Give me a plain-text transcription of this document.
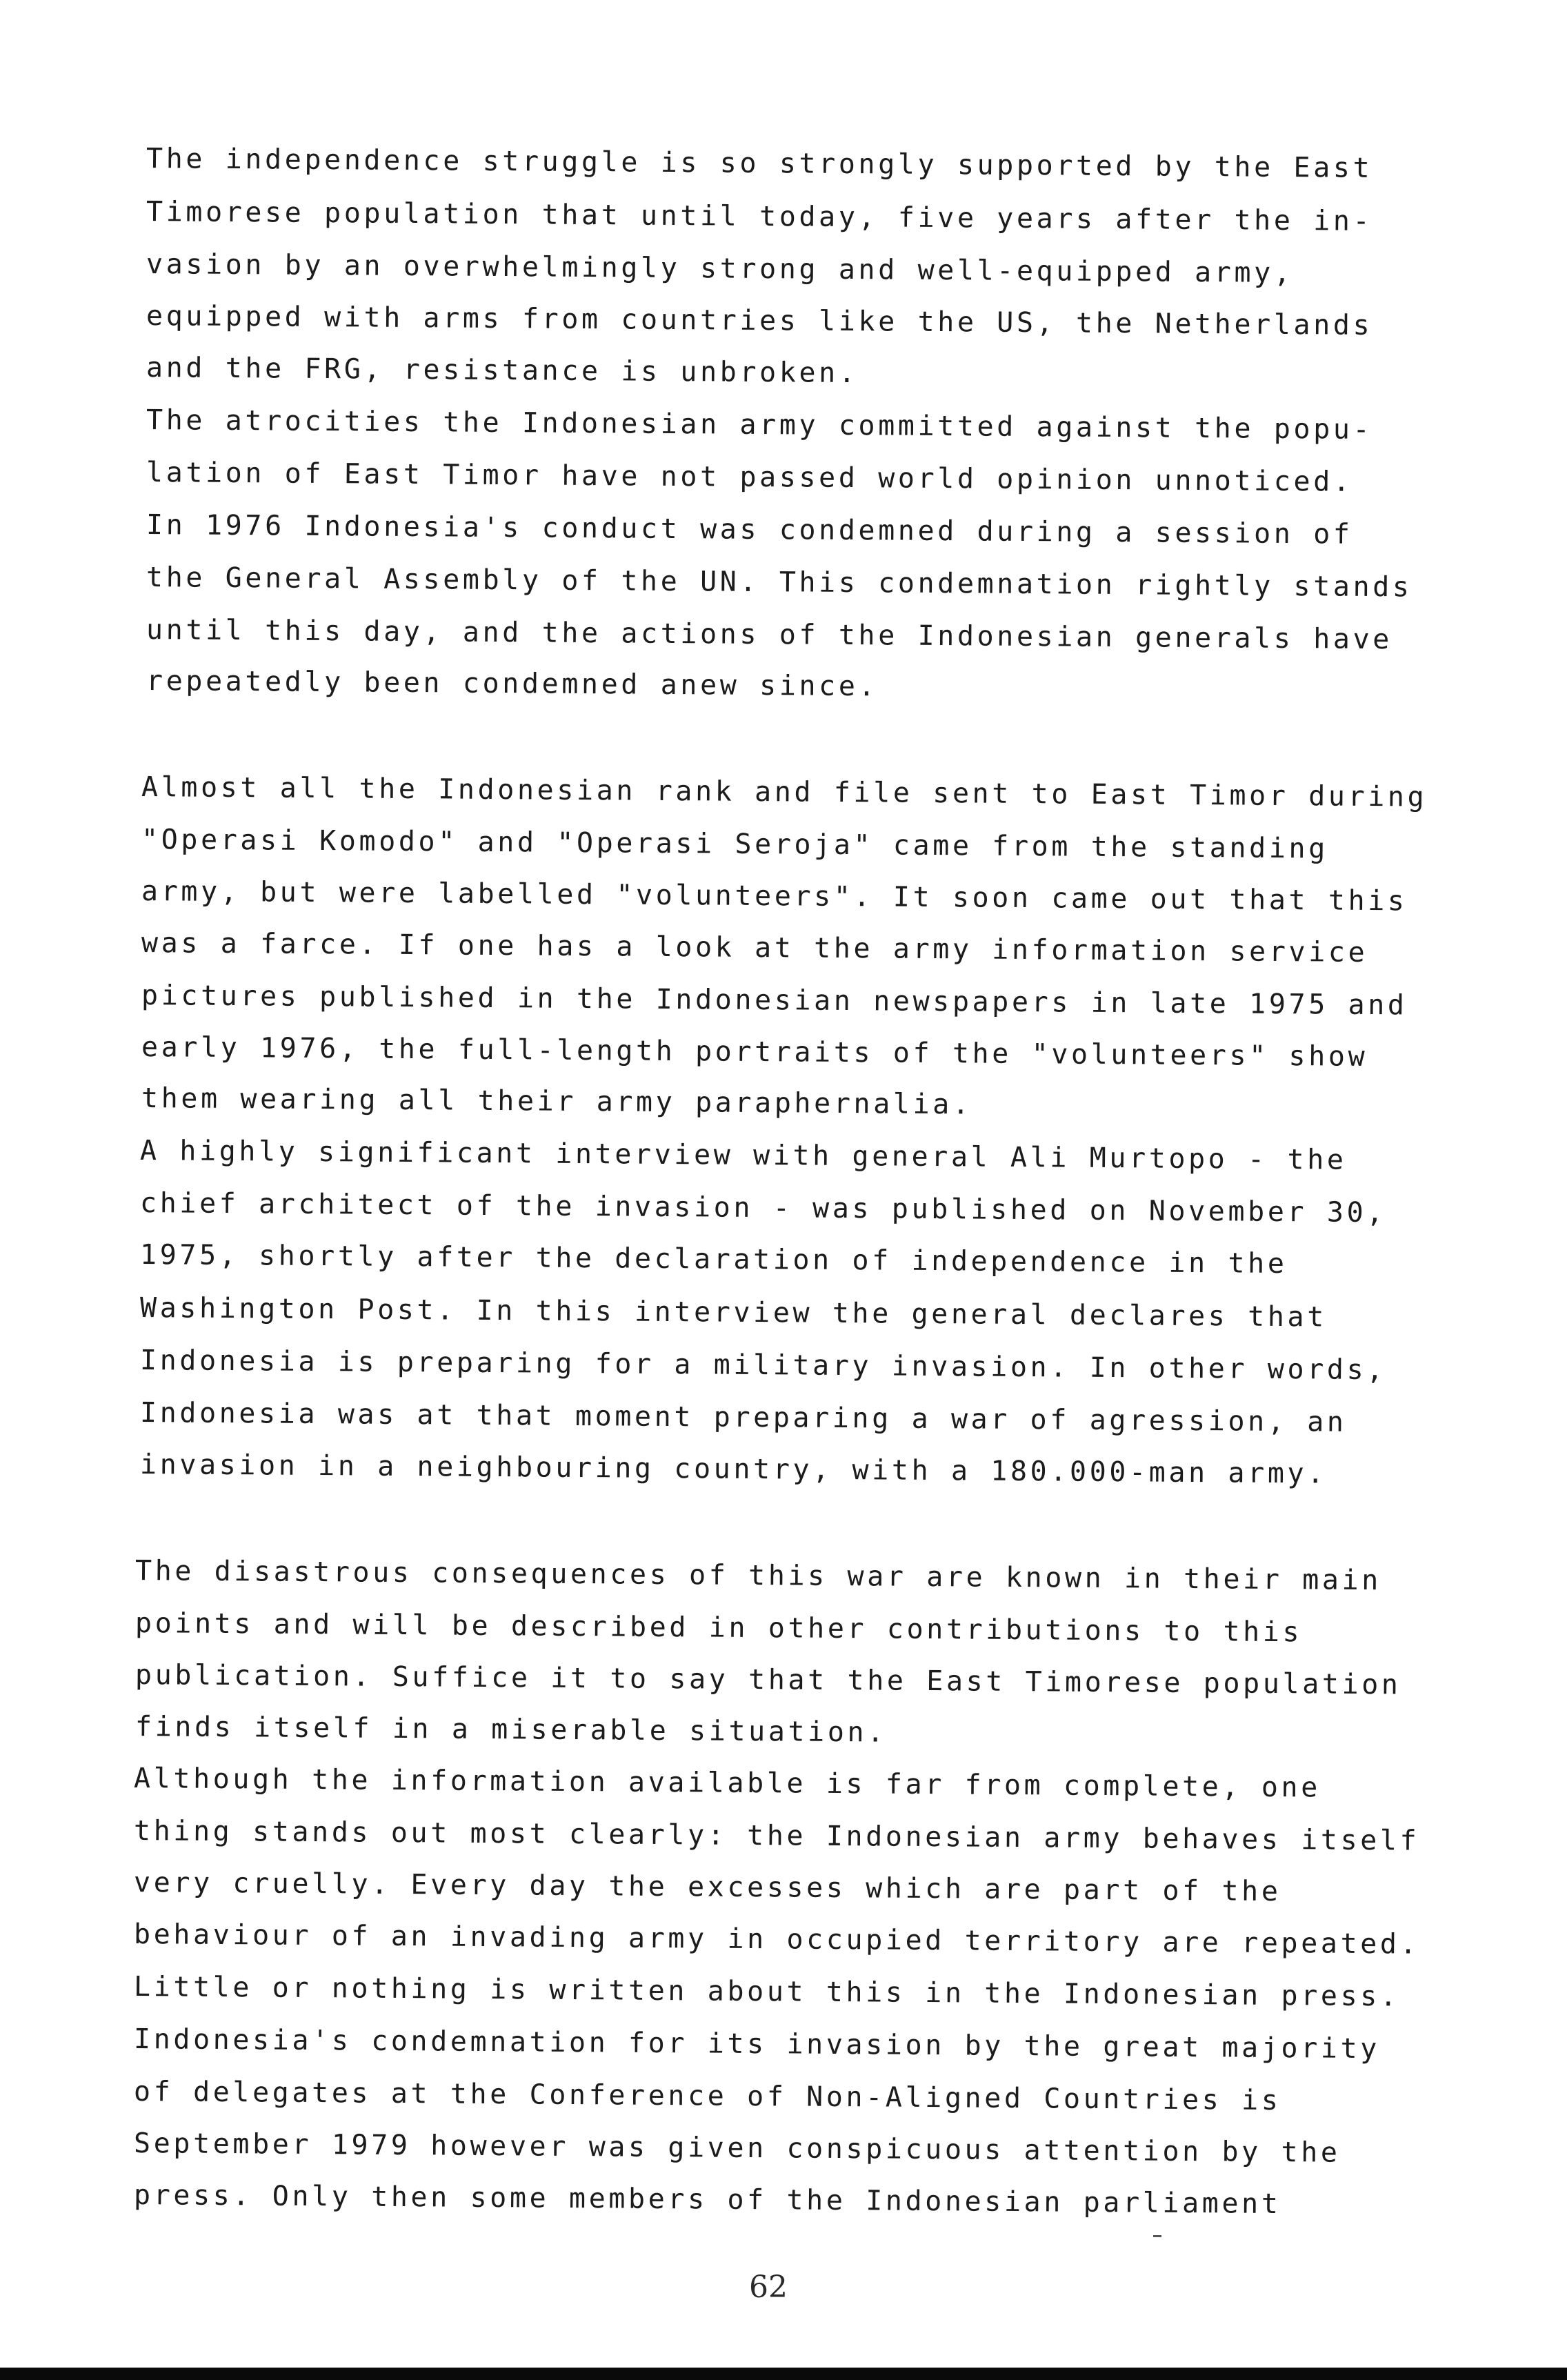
The independence struggle is so strongly supported by the East
Timorese population that until today, five years after the in-
vasion by an overwhelmingly strong and well-equipped army,
equipped with arms from countries like the US, the Netherlands
and the FRG, resistance is unbroken.
The atrocities the Indonesian army committed against the popu-
lation of East Timor have not passed world opinion unnoticed.
In 1976 Indonesia's conduct was condemned during a session of
the General Assembly of the UN. This condemnation rightly stands
until this day, and the actions of the Indonesian generals have
repeatedly been condemned anew since.
Almost all the Indonesian rank and file sent to East Timor during
"Operasi Komodo" and "Operasi Seroja" came from the standing
army, but were labelled "volunteers". It soon came out that this
was a farce. If one has a look at the army information service
pictures published in the Indonesian newspapers in late 1975 and
early 1976, the full-length portraits of the "volunteers" show
them wearing all their army paraphernalia.
A highly significant interview with general Ali Murtopo - the
chief architect of the invasion - was published on November 30,
1975, shortly after the declaration of independence in the
Washington Post. In this interview the general declares that
Indonesia is preparing for a military invasion. In other words,
Indonesia was at that moment preparing a war of agression, an
invasion in a neighbouring country, with a 180.000-man army.
The disastrous consequences of this war are known in their main
points and will be described in other contributions to this
publication. Suffice it to say that the East Timorese population
finds itself in a miserable situation.
Although the information available is far from complete, one
thing stands out most clearly: the Indonesian army behaves itself
very cruelly. Every day the excesses which are part of the
behaviour of an invading army in occupied territory are repeated.
Little or nothing is written about this in the Indonesian press.
Indonesia's condemnation for its invasion by the great majority
of delegates at the Conference of Non-Aligned Countries is
September 1979 however was given conspicuous attention by the
press. Only then some members of the Indonesian parliament
62
